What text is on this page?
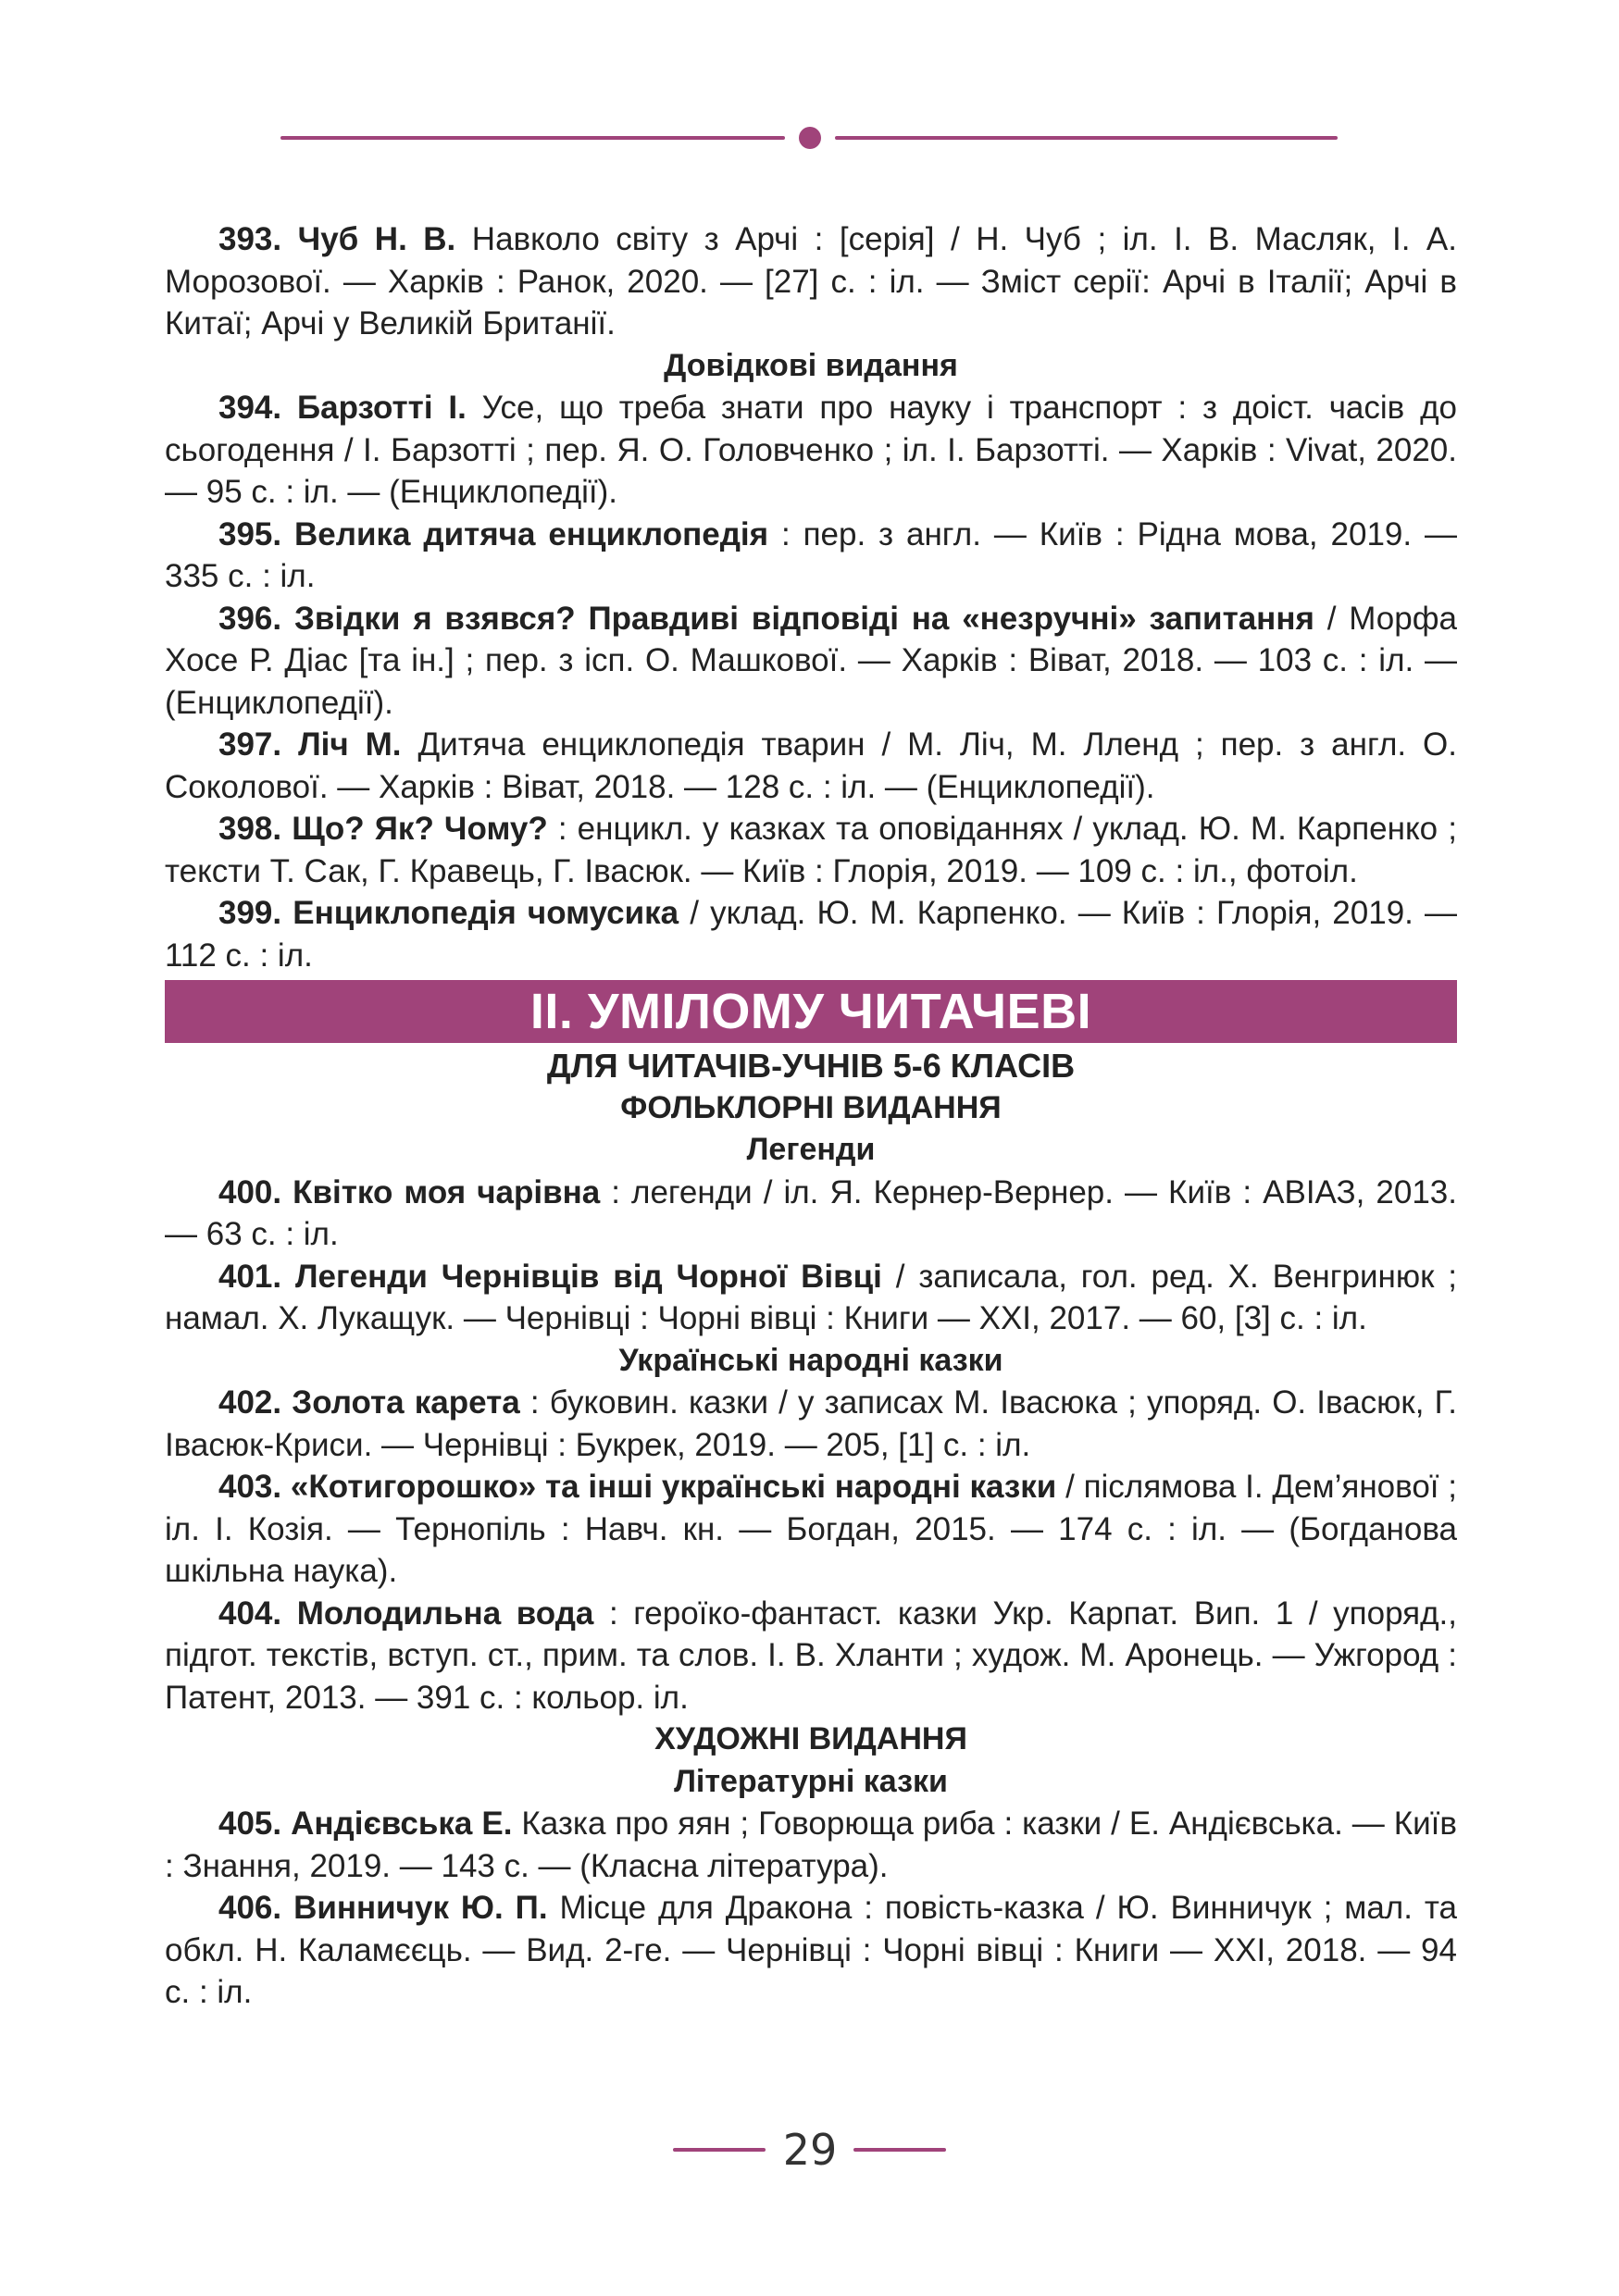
393. Чуб Н. В. Навколо світу з Арчі : [серія] / Н. Чуб ; іл. І. В. Масляк, І. А. Морозової. — Харків : Ранок, 2020. — [27] с. : іл. — Зміст серії: Арчі в Італії; Арчі в Китаї; Арчі у Великій Британії.

Довідкові видання

394. Барзотті І. Усе, що треба знати про науку і транспорт : з доіст. часів до сьогодення / І. Барзотті ; пер. Я. О. Головченко ; іл. І. Барзотті. — Харків : Vivat, 2020. — 95 с. : іл. — (Енциклопедії).

395. Велика дитяча енциклопедія : пер. з англ. — Київ : Рідна мова, 2019. — 335 с. : іл.

396. Звідки я взявся? Правдиві відповіді на «незручні» запитання / Морфа Хосе Р. Діас [та ін.] ; пер. з ісп. О. Машкової. — Харків : Віват, 2018. — 103 с. : іл. — (Енциклопедії).

397. Ліч М. Дитяча енциклопедія тварин / М. Ліч, М. Лленд ; пер. з англ. О. Соколової. — Харків : Віват, 2018. — 128 с. : іл. — (Енциклопедії).

398. Що? Як? Чому? : енцикл. у казках та оповіданнях / уклад. Ю. М. Карпенко ; тексти Т. Сак, Г. Кравець, Г. Івасюк. — Київ : Глорія, 2019. — 109 с. : іл., фотоіл.

399. Енциклопедія чомусика / уклад. Ю. М. Карпенко. — Київ : Глорія, 2019. — 112 с. : іл.

ІІ. УМІЛОМУ ЧИТАЧЕВІ

ДЛЯ ЧИТАЧІВ-УЧНІВ 5-6 КЛАСІВ

ФОЛЬКЛОРНІ ВИДАННЯ

Легенди

400. Квітко моя чарівна : легенди / іл. Я. Кернер-Вернер. — Київ : АВІАЗ, 2013. — 63 с. : іл.

401. Легенди Чернівців від Чорної Вівці / записала, гол. ред. Х. Венгринюк ; намал. Х. Лукащук. — Чернівці : Чорні вівці : Книги — XXI, 2017. — 60, [3] с. : іл.

Українські народні казки

402. Золота карета : буковин. казки / у записах М. Івасюка ; упоряд. О. Івасюк, Г. Івасюк-Криси. — Чернівці : Букрек, 2019. — 205, [1] с. : іл.

403. «Котигорошко» та інші українські народні казки / післямова І. Дем’янової ; іл. І. Козія. — Тернопіль : Навч. кн. — Богдан, 2015. — 174 с. : іл. — (Богданова шкільна наука).

404. Молодильна вода : героїко-фантаст. казки Укр. Карпат. Вип. 1 / упоряд., підгот. текстів, вступ. ст., прим. та слов. І. В. Хланти ; худож. М. Аронець. — Ужгород : Патент, 2013. — 391 с. : кольор. іл.

ХУДОЖНІ ВИДАННЯ

Літературні казки

405. Андієвська Е. Казка про яян ; Говорюща риба : казки / Е. Андієвська. — Київ : Знання, 2019. — 143 с. — (Класна література).

406. Винничук Ю. П. Місце для Дракона : повість-казка / Ю. Винничук ; мал. та обкл. Н. Каламєєць. — Вид. 2-ге. — Чернівці : Чорні вівці : Книги — XXI, 2018. — 94 с. : іл.

29
